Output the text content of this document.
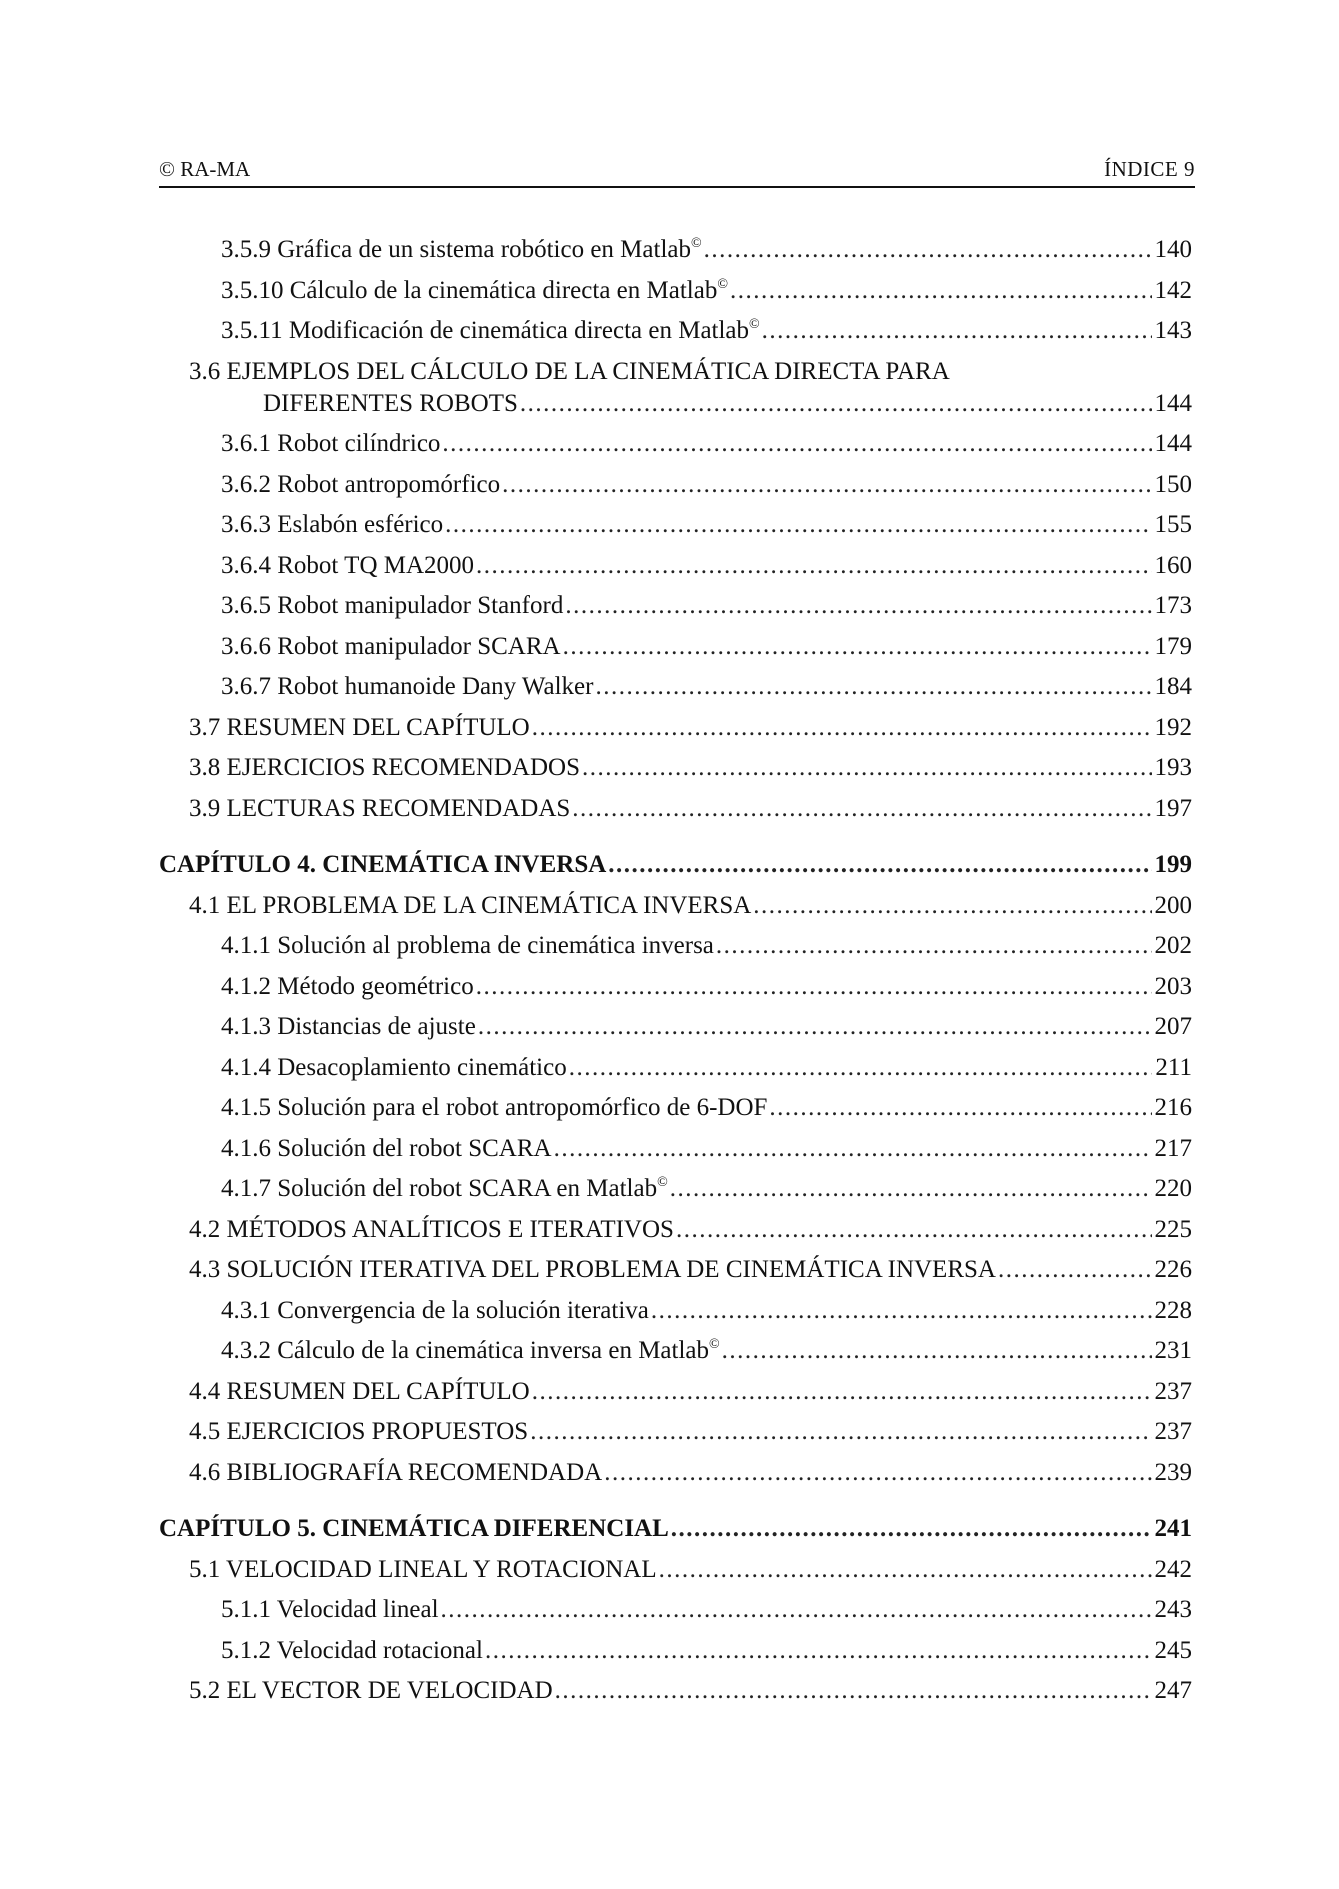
© RA-MA	ÍNDICE 9
3.5.9 Gráfica de un sistema robótico en Matlab© .....	140
3.5.10 Cálculo de la cinemática directa en Matlab© .....	142
3.5.11 Modificación de cinemática directa en Matlab© .....	143
3.6 EJEMPLOS DEL CÁLCULO DE LA CINEMÁTICA DIRECTA PARA
DIFERENTES ROBOTS .....	144
3.6.1 Robot cilíndrico .....	144
3.6.2 Robot antropomórfico .....	150
3.6.3 Eslabón esférico .....	155
3.6.4 Robot TQ MA2000 .....	160
3.6.5 Robot manipulador Stanford .....	173
3.6.6 Robot manipulador SCARA .....	179
3.6.7 Robot humanoide Dany Walker .....	184
3.7 RESUMEN DEL CAPÍTULO .....	192
3.8 EJERCICIOS RECOMENDADOS .....	193
3.9 LECTURAS RECOMENDADAS .....	197
CAPÍTULO 4. CINEMÁTICA INVERSA .....	199
4.1 EL PROBLEMA DE LA CINEMÁTICA INVERSA .....	200
4.1.1 Solución al problema de cinemática inversa .....	202
4.1.2 Método geométrico .....	203
4.1.3 Distancias de ajuste .....	207
4.1.4 Desacoplamiento cinemático .....	211
4.1.5 Solución para el robot antropomórfico de 6-DOF .....	216
4.1.6 Solución del robot SCARA .....	217
4.1.7 Solución del robot SCARA en Matlab© .....	220
4.2 MÉTODOS ANALÍTICOS E ITERATIVOS .....	225
4.3 SOLUCIÓN ITERATIVA DEL PROBLEMA DE CINEMÁTICA INVERSA .....	226
4.3.1 Convergencia de la solución iterativa .....	228
4.3.2 Cálculo de la cinemática inversa en Matlab© .....	231
4.4 RESUMEN DEL CAPÍTULO .....	237
4.5 EJERCICIOS PROPUESTOS .....	237
4.6 BIBLIOGRAFÍA RECOMENDADA .....	239
CAPÍTULO 5. CINEMÁTICA DIFERENCIAL .....	241
5.1 VELOCIDAD LINEAL Y ROTACIONAL .....	242
5.1.1 Velocidad lineal .....	243
5.1.2 Velocidad rotacional .....	245
5.2 EL VECTOR DE VELOCIDAD .....	247
